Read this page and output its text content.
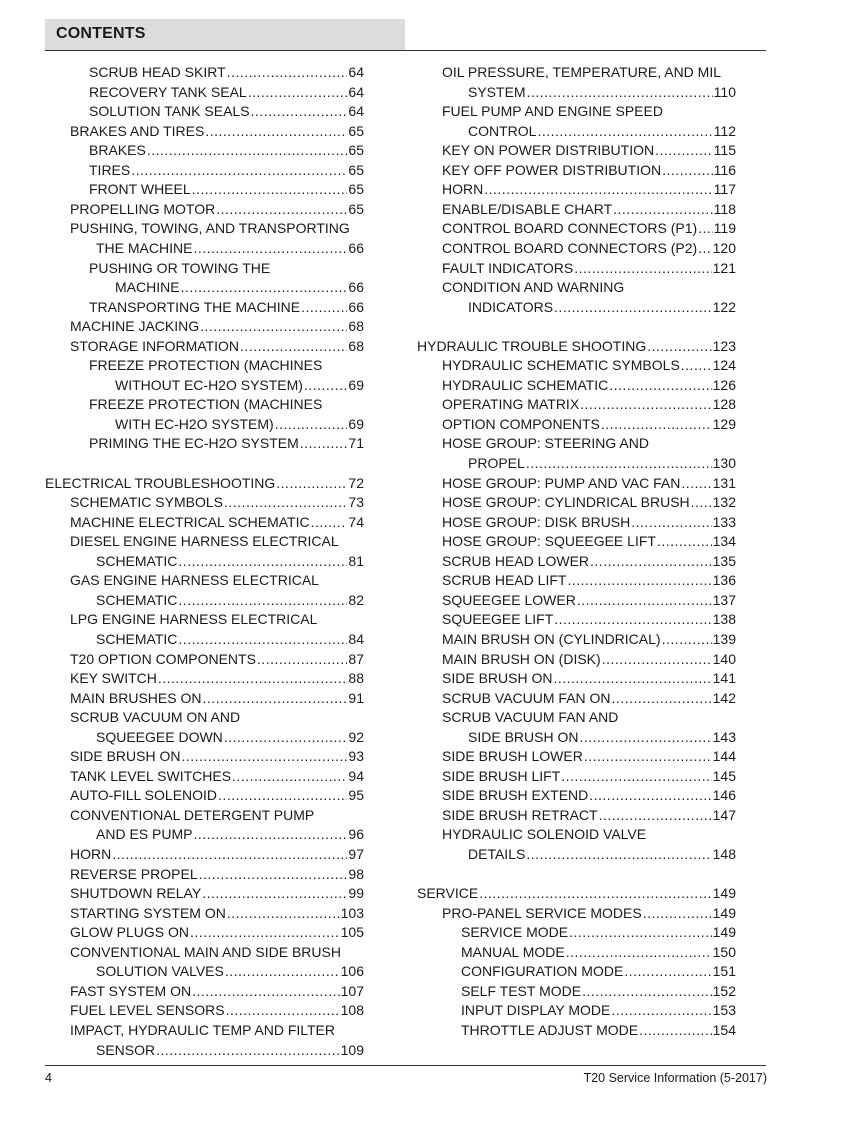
CONTENTS
SCRUB HEAD SKIRT .....	64
RECOVERY TANK SEAL .....	64
SOLUTION TANK SEALS .....	64
BRAKES AND TIRES .....	65
BRAKES .....	65
TIRES .....	65
FRONT WHEEL .....	65
PROPELLING MOTOR .....	65
PUSHING, TOWING, AND TRANSPORTING
THE MACHINE .....	66
PUSHING OR TOWING THE
MACHINE .....	66
TRANSPORTING THE MACHINE .....	66
MACHINE JACKING .....	68
STORAGE INFORMATION .....	68
FREEZE PROTECTION (MACHINES
WITHOUT EC-H2O SYSTEM) .....	69
FREEZE PROTECTION (MACHINES
WITH EC-H2O SYSTEM) .....	69
PRIMING THE EC-H2O SYSTEM .....	71
ELECTRICAL TROUBLESHOOTING .....	72
SCHEMATIC SYMBOLS .....	73
MACHINE ELECTRICAL SCHEMATIC .....	74
DIESEL ENGINE HARNESS ELECTRICAL
SCHEMATIC .....	81
GAS ENGINE HARNESS ELECTRICAL
SCHEMATIC .....	82
LPG ENGINE HARNESS ELECTRICAL
SCHEMATIC .....	84
T20 OPTION COMPONENTS .....	87
KEY SWITCH .....	88
MAIN BRUSHES ON .....	91
SCRUB VACUUM ON AND
SQUEEGEE DOWN .....	92
SIDE BRUSH ON .....	93
TANK LEVEL SWITCHES .....	94
AUTO-FILL SOLENOID .....	95
CONVENTIONAL DETERGENT PUMP
AND ES PUMP .....	96
HORN .....	97
REVERSE PROPEL .....	98
SHUTDOWN RELAY .....	99
STARTING SYSTEM ON .....	103
GLOW PLUGS ON .....	105
CONVENTIONAL MAIN AND SIDE BRUSH
SOLUTION VALVES .....	106
FAST SYSTEM ON .....	107
FUEL LEVEL SENSORS .....	108
IMPACT, HYDRAULIC TEMP AND FILTER
SENSOR .....	109
OIL PRESSURE, TEMPERATURE, AND MIL
SYSTEM .....	110
FUEL PUMP AND ENGINE SPEED
CONTROL .....	112
KEY ON POWER DISTRIBUTION .....	115
KEY OFF POWER DISTRIBUTION .....	116
HORN .....	117
ENABLE/DISABLE CHART .....	118
CONTROL BOARD CONNECTORS (P1) ..... 119
CONTROL BOARD CONNECTORS (P2) ..... 120
FAULT INDICATORS .....	121
CONDITION AND WARNING
INDICATORS .....	122
HYDRAULIC TROUBLE SHOOTING .....	123
HYDRAULIC SCHEMATIC SYMBOLS ..... 124
HYDRAULIC SCHEMATIC .....	126
OPERATING MATRIX .....	128
OPTION COMPONENTS .....	129
HOSE GROUP: STEERING AND
PROPEL .....	130
HOSE GROUP: PUMP AND VAC FAN ..... 131
HOSE GROUP: CYLINDRICAL BRUSH ..... 132
HOSE GROUP: DISK BRUSH .....	133
HOSE GROUP: SQUEEGEE LIFT .....	134
SCRUB HEAD LOWER .....	135
SCRUB HEAD LIFT .....	136
SQUEEGEE LOWER .....	137
SQUEEGEE LIFT .....	138
MAIN BRUSH ON (CYLINDRICAL) .....	139
MAIN BRUSH ON (DISK) .....	140
SIDE BRUSH ON .....	141
SCRUB VACUUM FAN ON .....	142
SCRUB VACUUM FAN AND
SIDE BRUSH ON .....	143
SIDE BRUSH LOWER .....	144
SIDE BRUSH LIFT .....	145
SIDE BRUSH EXTEND .....	146
SIDE BRUSH RETRACT .....	147
HYDRAULIC SOLENOID VALVE
DETAILS .....	148
SERVICE .....	149
PRO-PANEL SERVICE MODES .....	149
SERVICE MODE .....	149
MANUAL MODE .....	150
CONFIGURATION MODE .....	151
SELF TEST MODE .....	152
INPUT DISPLAY MODE .....	153
THROTTLE ADJUST MODE .....	154
4	T20 Service Information (5-2017)
